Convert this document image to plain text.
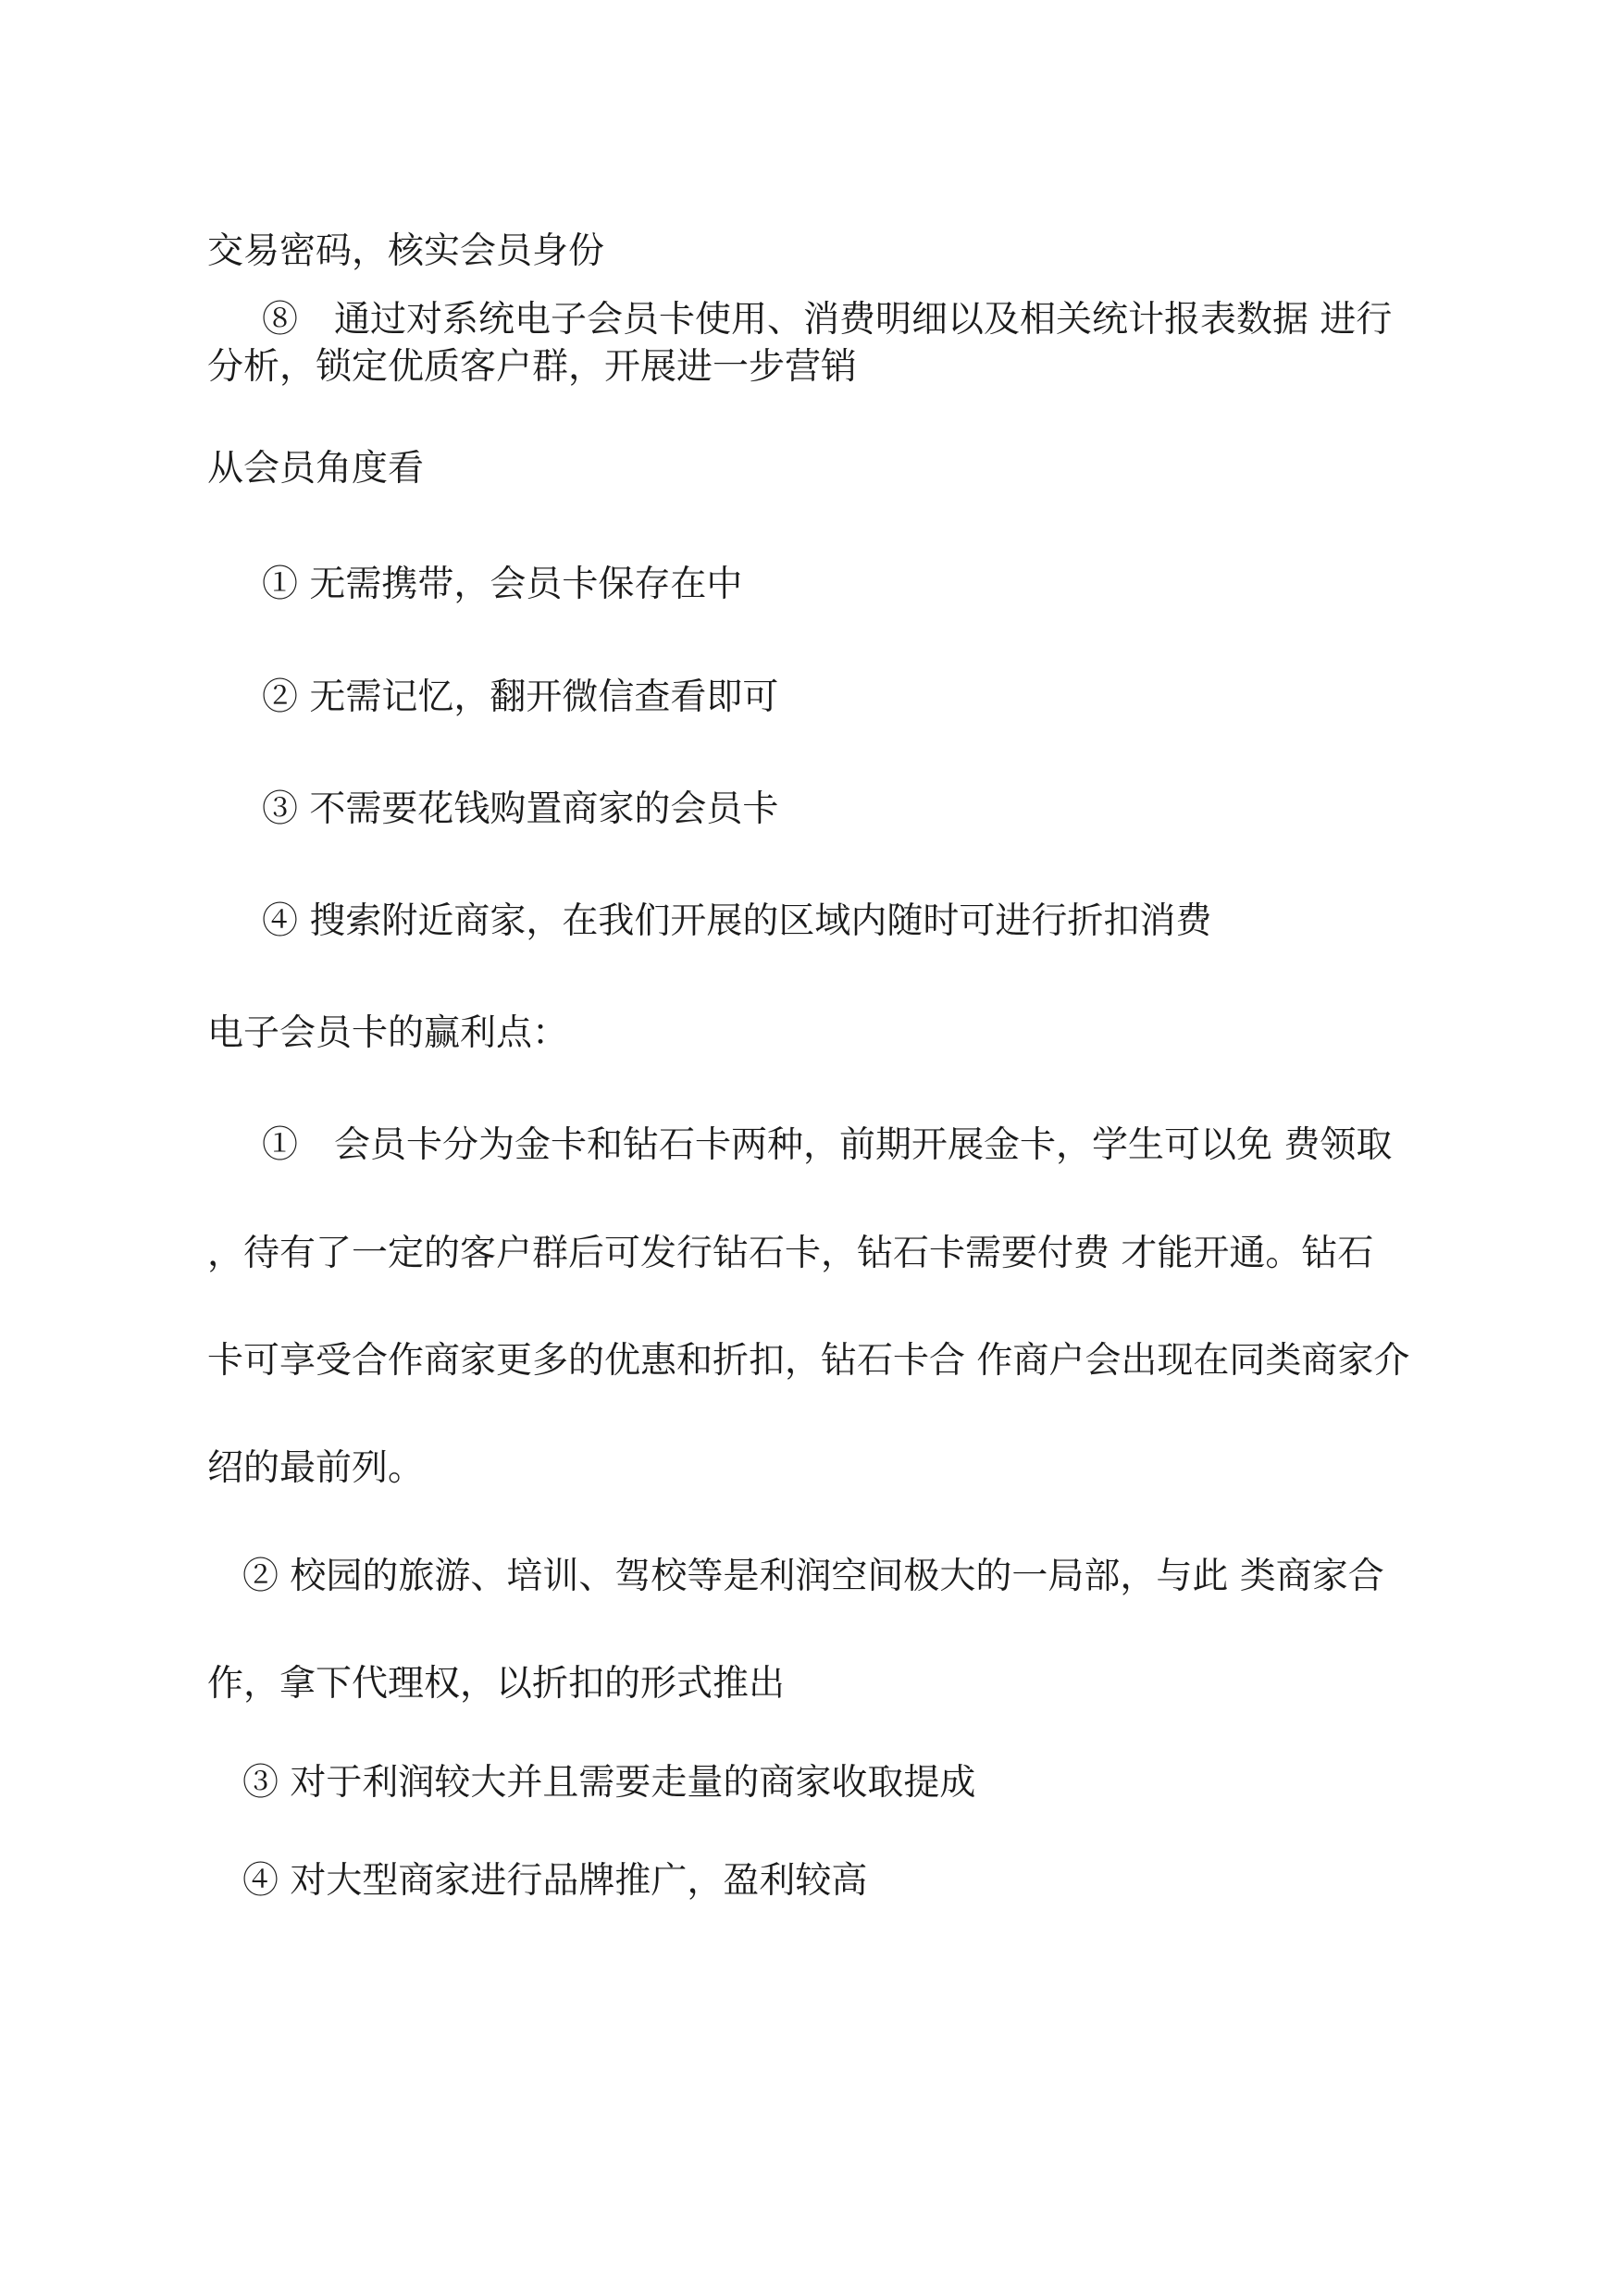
交易密码，核实会员身份
⑧　通过对系统电子会员卡使用、消费明细以及相关统计报表数据 进行
分析，锁定优质客户群，开展进一步营销
从会员角度看
① 无需携带，会员卡保存在中
② 无需记忆，翻开微信查看即可
③ 不需要花钱购置商家的会员卡
④ 搜索附近商家，在我们开展的区域内随时可进行折扣消费
电子会员卡的赢利点：
①　会员卡分为金卡和钻石卡两种，前期开展金卡，学生可以免 费领取
，待有了一定的客户群后可发行钻石卡，钻石卡需要付费 才能开通。钻石
卡可享受合作商家更多的优惠和折扣，钻石卡合 作商户会出现在同类商家介
绍的最前列。
② 校园的旅游、培训、驾校等是利润空间极大的一局部，与此 类商家合
作，拿下代理权，以折扣的形式推出
③ 对于利润较大并且需要走量的商家收取提成
④ 对大型商家进行品牌推广，盈利较高
